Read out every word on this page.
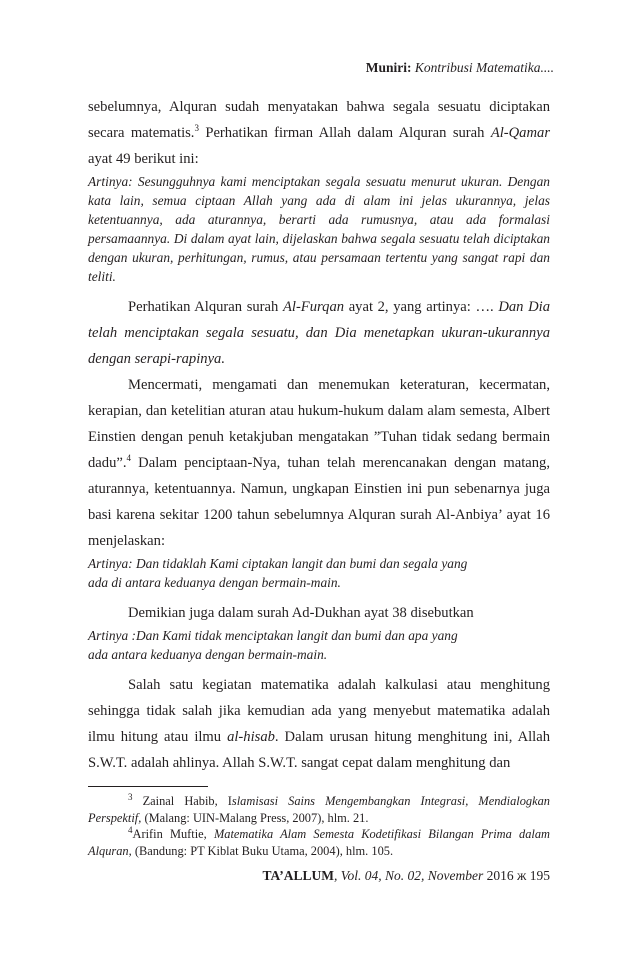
Muniri: Kontribusi Matematika....

sebelumnya, Alquran sudah menyatakan bahwa segala sesuatu diciptakan secara matematis.$^3$ Perhatikan firman Allah dalam Alquran surah Al-Qamar ayat 49 berikut ini:

Artinya: Sesungguhnya kami menciptakan segala sesuatu menurut ukuran. Dengan kata lain, semua ciptaan Allah yang ada di alam ini jelas ukurannya, jelas ketentuannya, ada aturannya, berarti ada rumusnya, atau ada formalasi persamaannya. Di dalam ayat lain, dijelaskan bahwa segala sesuatu telah diciptakan dengan ukuran, perhitungan, rumus, atau persamaan tertentu yang sangat rapi dan teliti.

Perhatikan Alquran surah Al-Furqan ayat 2, yang artinya: …. Dan Dia telah menciptakan segala sesuatu, dan Dia menetapkan ukuran-ukurannya dengan serapi-rapinya.

Mencermati, mengamati dan menemukan keteraturan, kecermatan, kerapian, dan ketelitian aturan atau hukum-hukum dalam alam semesta, Albert Einstien dengan penuh ketakjuban mengatakan ”Tuhan tidak sedang bermain dadu”.$^4$ Dalam penciptaan-Nya, tuhan telah merencanakan dengan matang, aturannya, ketentuannya. Namun, ungkapan Einstien ini pun sebenarnya juga basi karena sekitar 1200 tahun sebelumnya Alquran surah Al-Anbiya’ ayat 16 menjelaskan:

Artinya: Dan tidaklah Kami ciptakan langit dan bumi dan segala yang
ada di antara keduanya dengan bermain-main.

Demikian juga dalam surah Ad-Dukhan ayat 38 disebutkan

Artinya :Dan Kami tidak menciptakan langit dan bumi dan apa yang
ada antara keduanya dengan bermain-main.

Salah satu kegiatan matematika adalah kalkulasi atau menghitung sehingga tidak salah jika kemudian ada yang menyebut matematika adalah ilmu hitung atau ilmu al-hisab. Dalam urusan hitung menghitung ini, Allah S.W.T. adalah ahlinya. Allah S.W.T. sangat cepat dalam menghitung dan

$^3$ Zainal Habib, Islamisasi Sains Mengembangkan Integrasi, Mendialogkan Perspektif, (Malang: UIN-Malang Press, 2007), hlm. 21.

$^4$Arifin Muftie, Matematika Alam Semesta Kodetifikasi Bilangan Prima dalam Alquran, (Bandung: PT Kiblat Buku Utama, 2004), hlm. 105.

TA’ALLUM, Vol. 04, No. 02, November 2016 ж 195
